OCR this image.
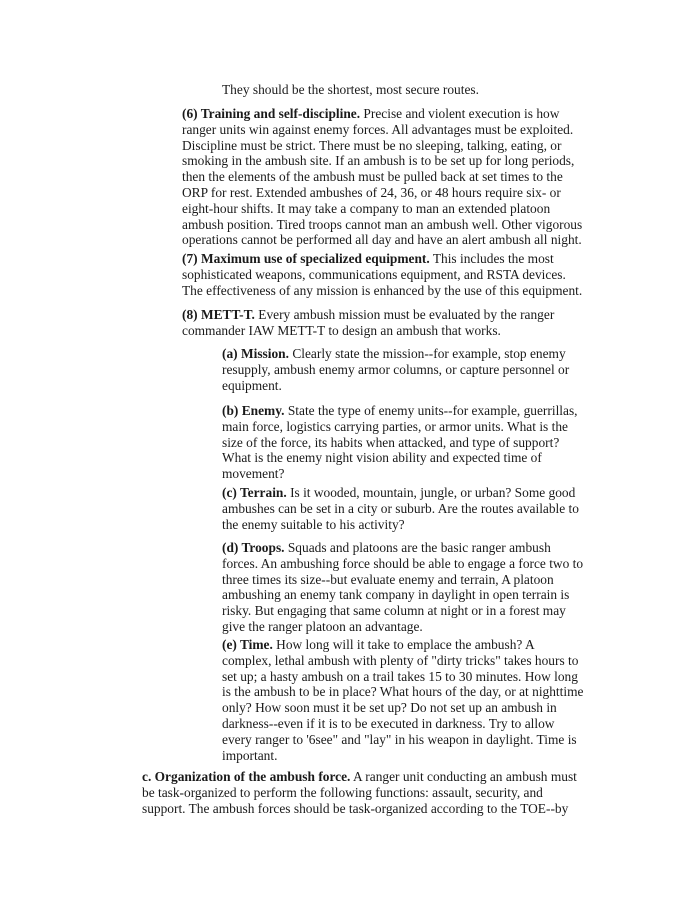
They should be the shortest, most secure routes.
(6) Training and self-discipline. Precise and violent execution is how
ranger units win against enemy forces. All advantages must be exploited.
Discipline must be strict. There must be no sleeping, talking, eating, or
smoking in the ambush site. If an ambush is to be set up for long periods,
then the elements of the ambush must be pulled back at set times to the
ORP for rest. Extended ambushes of 24, 36, or 48 hours require six- or
eight-hour shifts. It may take a company to man an extended platoon
ambush position. Tired troops cannot man an ambush well. Other vigorous
operations cannot be performed all day and have an alert ambush all night.
(7) Maximum use of specialized equipment. This includes the most
sophisticated weapons, communications equipment, and RSTA devices.
The effectiveness of any mission is enhanced by the use of this equipment.
(8) METT-T. Every ambush mission must be evaluated by the ranger
commander IAW METT-T to design an ambush that works.
(a) Mission. Clearly state the mission--for example, stop enemy
resupply, ambush enemy armor columns, or capture personnel or
equipment.
(b) Enemy. State the type of enemy units--for example, guerrillas,
main force, logistics carrying parties, or armor units. What is the
size of the force, its habits when attacked, and type of support?
What is the enemy night vision ability and expected time of
movement?
(c) Terrain. Is it wooded, mountain, jungle, or urban? Some good
ambushes can be set in a city or suburb. Are the routes available to
the enemy suitable to his activity?
(d) Troops. Squads and platoons are the basic ranger ambush
forces. An ambushing force should be able to engage a force two to
three times its size--but evaluate enemy and terrain, A platoon
ambushing an enemy tank company in daylight in open terrain is
risky. But engaging that same column at night or in a forest may
give the ranger platoon an advantage.
(e) Time. How long will it take to emplace the ambush? A
complex, lethal ambush with plenty of "dirty tricks" takes hours to
set up; a hasty ambush on a trail takes 15 to 30 minutes. How long
is the ambush to be in place? What hours of the day, or at nighttime
only? How soon must it be set up? Do not set up an ambush in
darkness--even if it is to be executed in darkness. Try to allow
every ranger to '6see" and "lay" in his weapon in daylight. Time is
important.
c. Organization of the ambush force. A ranger unit conducting an ambush must
be task-organized to perform the following functions: assault, security, and
support. The ambush forces should be task-organized according to the TOE--by
